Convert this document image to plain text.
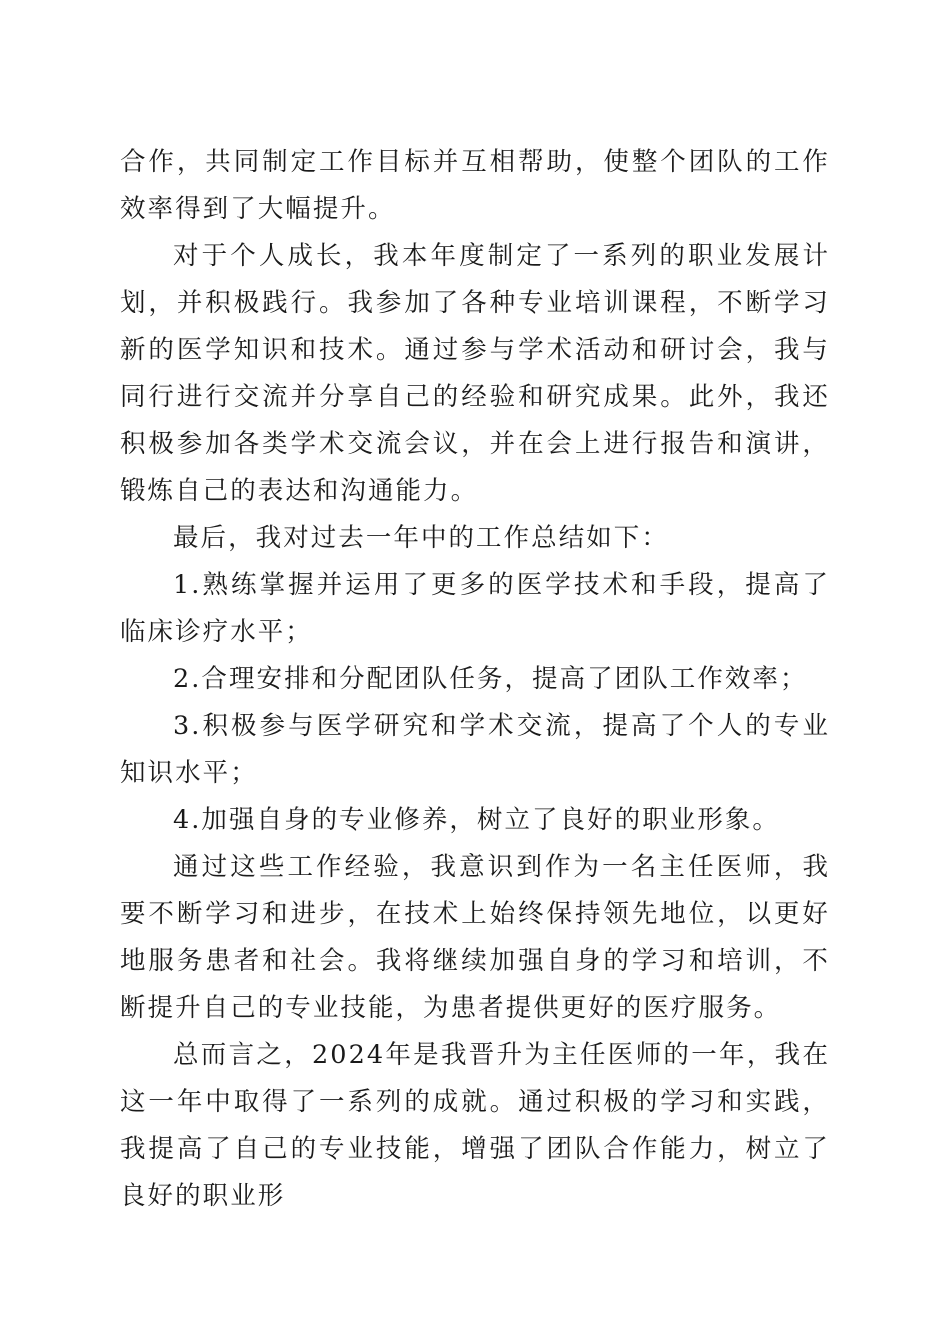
合作，共同制定工作目标并互相帮助，使整个团队的工作效率得到了大幅提升。

对于个人成长，我本年度制定了一系列的职业发展计划，并积极践行。我参加了各种专业培训课程，不断学习新的医学知识和技术。通过参与学术活动和研讨会，我与同行进行交流并分享自己的经验和研究成果。此外，我还积极参加各类学术交流会议，并在会上进行报告和演讲，锻炼自己的表达和沟通能力。

最后，我对过去一年中的工作总结如下：

1.熟练掌握并运用了更多的医学技术和手段，提高了临床诊疗水平；

2.合理安排和分配团队任务，提高了团队工作效率；

3.积极参与医学研究和学术交流，提高了个人的专业知识水平；

4.加强自身的专业修养，树立了良好的职业形象。

通过这些工作经验，我意识到作为一名主任医师，我要不断学习和进步，在技术上始终保持领先地位，以更好地服务患者和社会。我将继续加强自身的学习和培训，不断提升自己的专业技能，为患者提供更好的医疗服务。

总而言之，2024年是我晋升为主任医师的一年，我在这一年中取得了一系列的成就。通过积极的学习和实践，我提高了自己的专业技能，增强了团队合作能力，树立了良好的职业形
